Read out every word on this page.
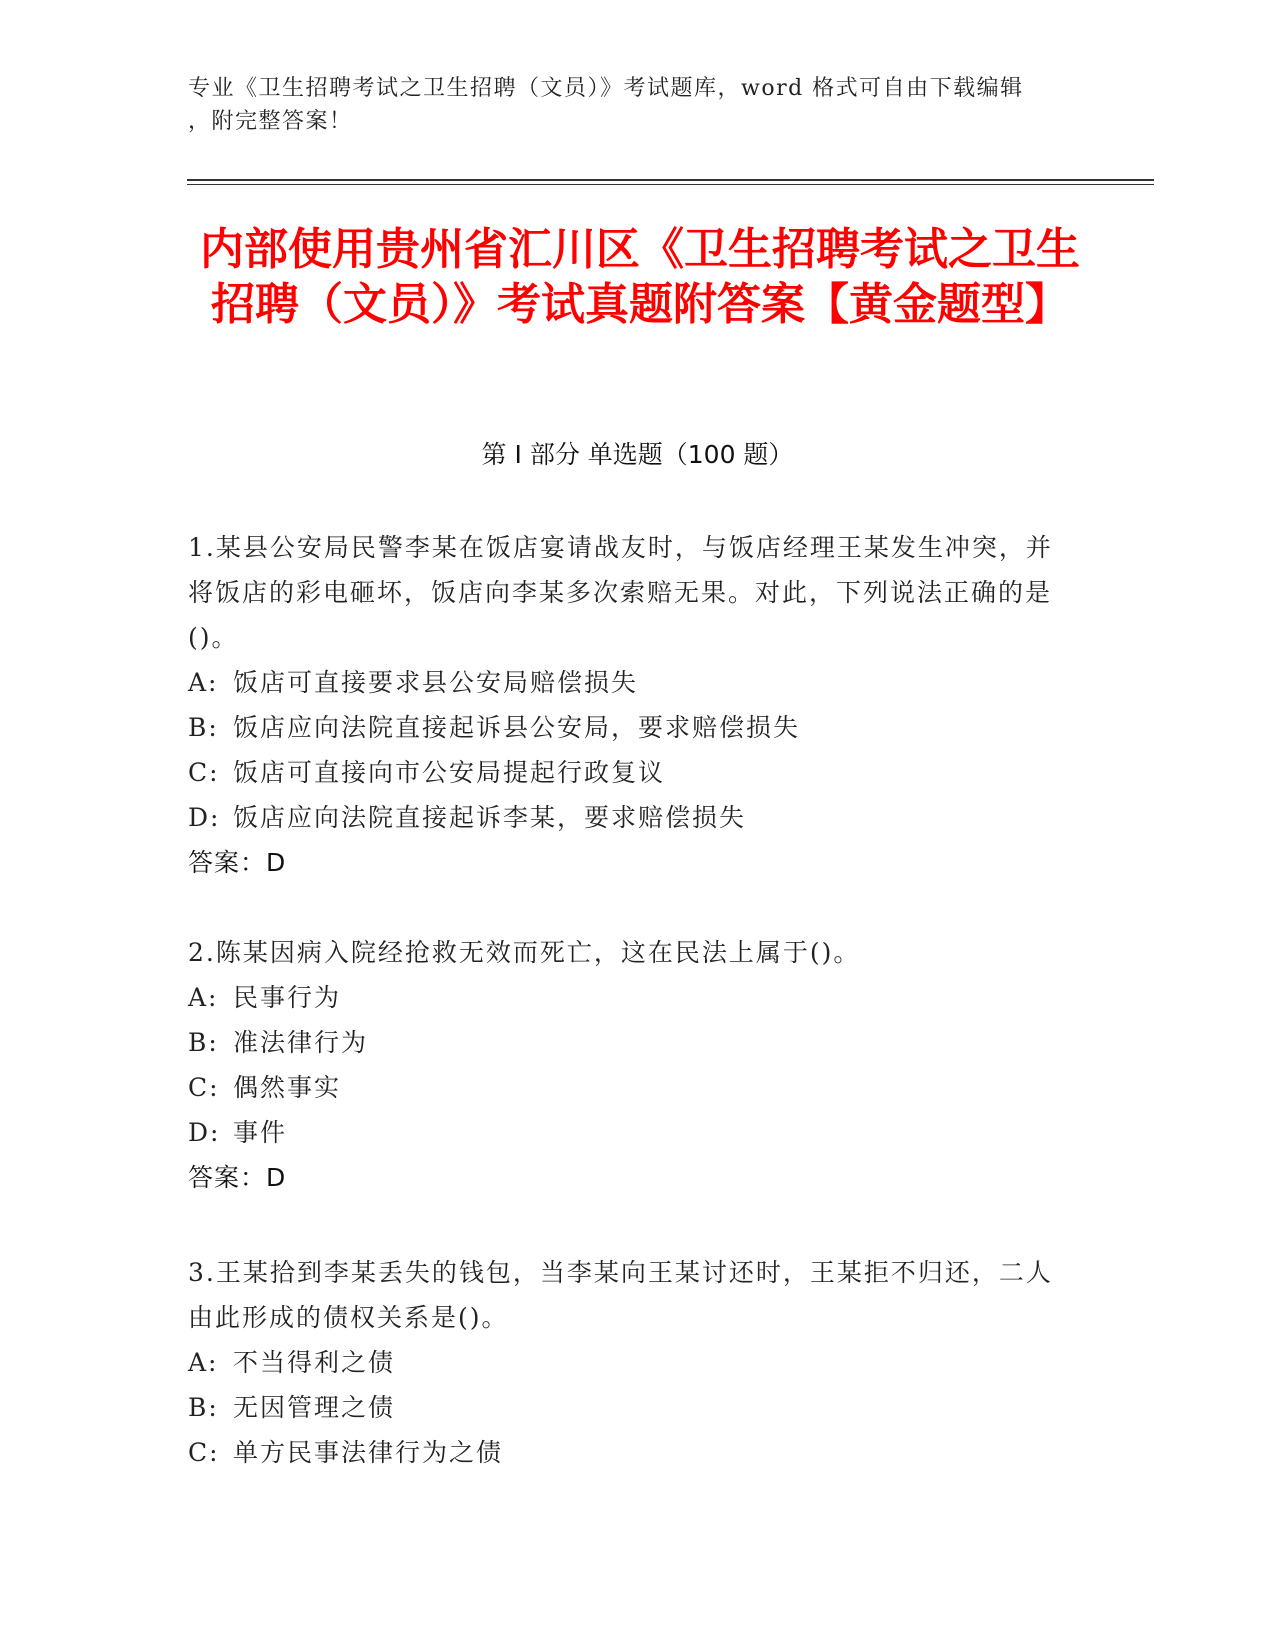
专业《卫生招聘考试之卫生招聘（文员）》考试题库，word 格式可自由下载编辑
，附完整答案！
内部使用贵州省汇川区《卫生招聘考试之卫生招聘（文员）》考试真题附答案【黄金题型】
第 I 部分 单选题（100 题）

1.某县公安局民警李某在饭店宴请战友时，与饭店经理王某发生冲突，并将饭店的彩电砸坏，饭店向李某多次索赔无果。对此，下列说法正确的是()。

A: 饭店可直接要求县公安局赔偿损失

B: 饭店应向法院直接起诉县公安局，要求赔偿损失

C: 饭店可直接向市公安局提起行政复议

D: 饭店应向法院直接起诉李某，要求赔偿损失

答案：D

2.陈某因病入院经抢救无效而死亡，这在民法上属于()。

A: 民事行为

B: 准法律行为

C: 偶然事实

D: 事件

答案：D

3.王某拾到李某丢失的钱包，当李某向王某讨还时，王某拒不归还，二人由此形成的债权关系是()。

A: 不当得利之债

B: 无因管理之债

C: 单方民事法律行为之债
